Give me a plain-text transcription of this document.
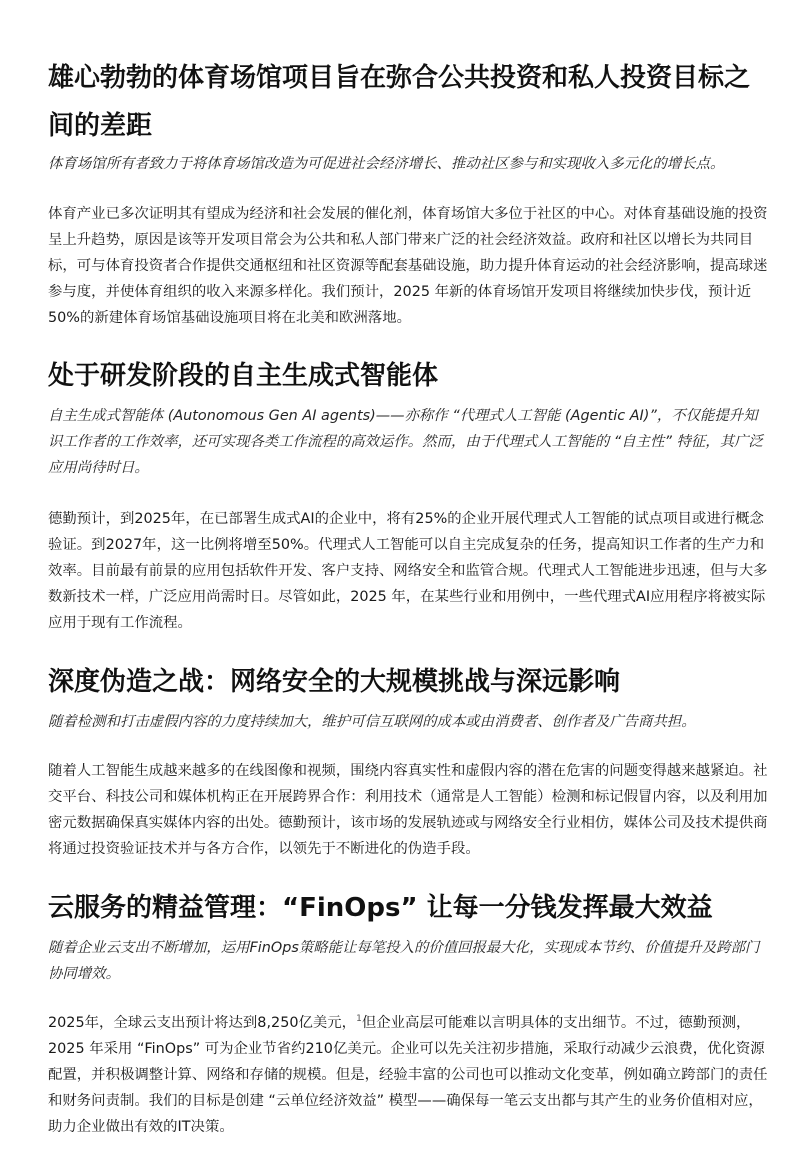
雄心勃勃的体育场馆项目旨在弥合公共投资和私人投资目标之间的差距

体育场馆所有者致力于将体育场馆改造为可促进社会经济增长、推动社区参与和实现收入多元化的增长点。

体育产业已多次证明其有望成为经济和社会发展的催化剂，体育场馆大多位于社区的中心。对体育基础设施的投资呈上升趋势，原因是该等开发项目常会为公共和私人部门带来广泛的社会经济效益。政府和社区以增长为共同目标，可与体育投资者合作提供交通枢纽和社区资源等配套基础设施，助力提升体育运动的社会经济影响，提高球迷参与度，并使体育组织的收入来源多样化。我们预计，2025 年新的体育场馆开发项目将继续加快步伐，预计近50%的新建体育场馆基础设施项目将在北美和欧洲落地。

处于研发阶段的自主生成式智能体

自主生成式智能体 (Autonomous Gen AI agents)——亦称作 “代理式人工智能 (Agentic AI)”，不仅能提升知识工作者的工作效率，还可实现各类工作流程的高效运作。然而，由于代理式人工智能的 “自主性” 特征，其广泛应用尚待时日。

德勤预计，到2025年，在已部署生成式AI的企业中，将有25%的企业开展代理式人工智能的试点项目或进行概念验证。到2027年，这一比例将增至50%。代理式人工智能可以自主完成复杂的任务，提高知识工作者的生产力和效率。目前最有前景的应用包括软件开发、客户支持、网络安全和监管合规。代理式人工智能进步迅速，但与大多数新技术一样，广泛应用尚需时日。尽管如此，2025 年，在某些行业和用例中，一些代理式AI应用程序将被实际应用于现有工作流程。

深度伪造之战：网络安全的大规模挑战与深远影响

随着检测和打击虚假内容的力度持续加大，维护可信互联网的成本或由消费者、创作者及广告商共担。

随着人工智能生成越来越多的在线图像和视频，围绕内容真实性和虚假内容的潜在危害的问题变得越来越紧迫。社交平台、科技公司和媒体机构正在开展跨界合作：利用技术（通常是人工智能）检测和标记假冒内容，以及利用加密元数据确保真实媒体内容的出处。德勤预计，该市场的发展轨迹或与网络安全行业相仿，媒体公司及技术提供商将通过投资验证技术并与各方合作，以领先于不断进化的伪造手段。

云服务的精益管理：“FinOps” 让每一分钱发挥最大效益

随着企业云支出不断增加，运用FinOps策略能让每笔投入的价值回报最大化，实现成本节约、价值提升及跨部门协同增效。

2025年，全球云支出预计将达到8,250亿美元，$^1$但企业高层可能难以言明具体的支出细节。不过，德勤预测，2025 年采用 “FinOps” 可为企业节省约210亿美元。企业可以先关注初步措施，采取行动减少云浪费，优化资源配置，并积极调整计算、网络和存储的规模。但是，经验丰富的公司也可以推动文化变革，例如确立跨部门的责任和财务问责制。我们的目标是创建 “云单位经济效益” 模型——确保每一笔云支出都与其产生的业务价值相对应，助力企业做出有效的IT决策。
